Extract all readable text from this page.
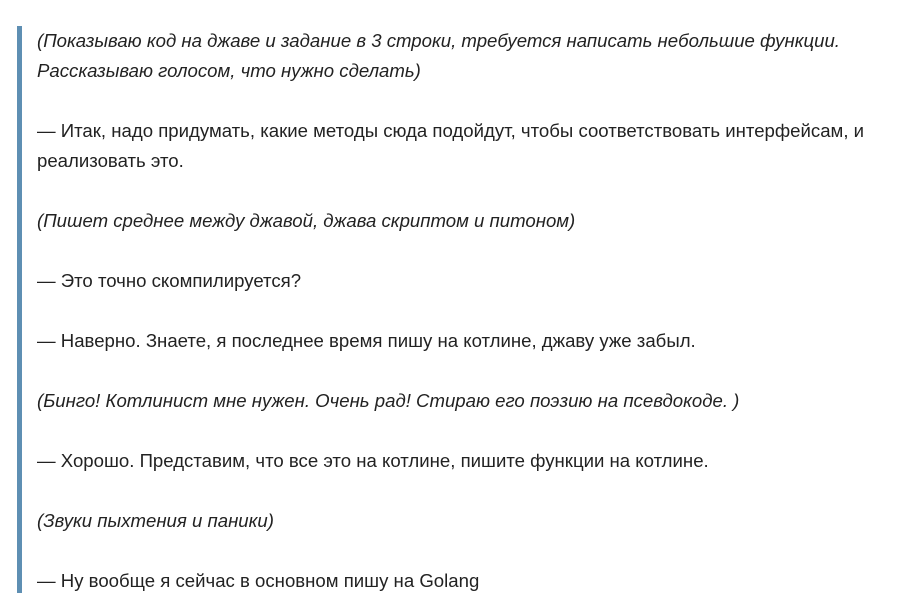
(Показываю код на джаве и задание в 3 строки, требуется написать небольшие функции.
Рассказываю голосом, что нужно сделать)

— Итак, надо придумать, какие методы сюда подойдут, чтобы соответствовать интерфейсам, и
реализовать это.

(Пишет среднее между джавой, джава скриптом и питоном)

— Это точно скомпилируется?

— Наверно. Знаете, я последнее время пишу на котлине, джаву уже забыл.

(Бинго! Котлинист мне нужен. Очень рад! Стираю его поэзию на псевдокоде. )

— Хорошо. Представим, что все это на котлине, пишите функции на котлине.

(Звуки пыхтения и паники)

— Ну вообще я сейчас в основном пишу на Golang
